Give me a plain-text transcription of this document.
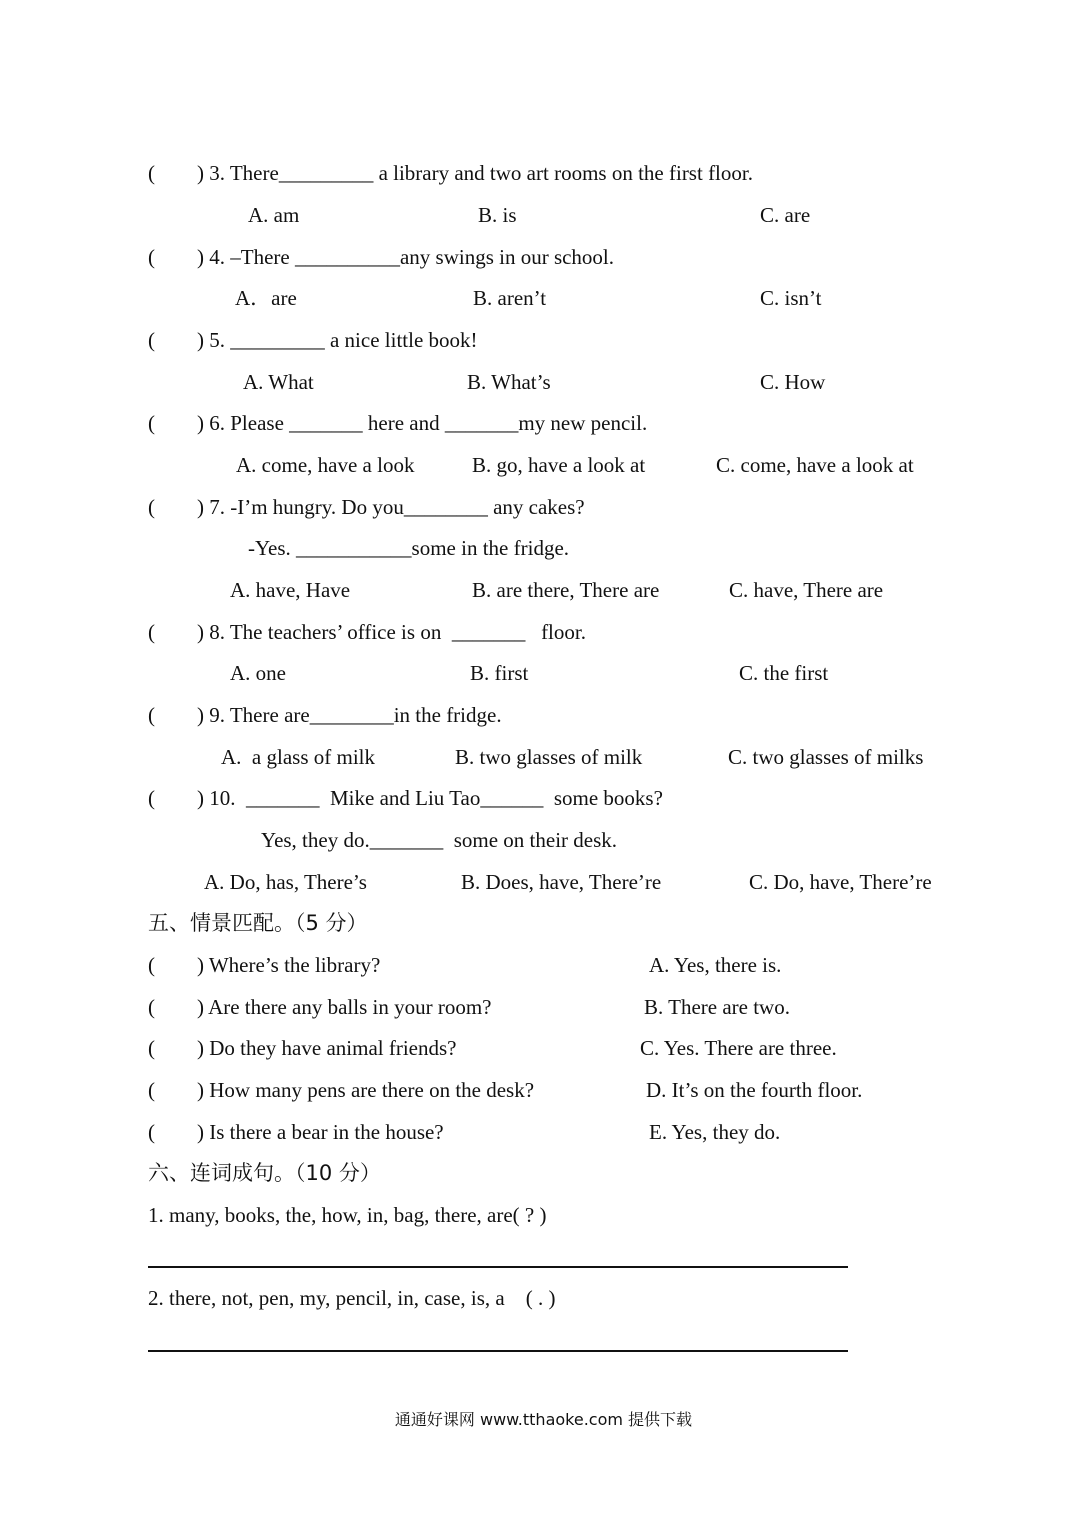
(        ) 3. There_________ a library and two art rooms on the first floor.
A. am	B. is	C. are
(        ) 4. –There __________any swings in our school.
A．are	B. aren’t	C. isn’t
(        ) 5. _________ a nice little book!
A. What	B. What’s	C. How
(        ) 6. Please _______ here and _______my new pencil.
A. come, have a look	B. go, have a look at	C. come, have a look at
(        ) 7. -I’m hungry. Do you________ any cakes?
-Yes. ___________some in the fridge.
A. have, Have	B. are there, There are	C. have, There are
(        ) 8. The teachers’ office is on  _______   floor.
A. one	B. first	C. the first
(        ) 9. There are________in the fridge.
A.  a glass of milk	B. two glasses of milk	C. two glasses of milks
(        ) 10.  _______  Mike and Liu Tao______  some books?
Yes, they do._______  some on their desk.
A. Do, has, There’s	B. Does, have, There’re	C. Do, have, There’re
五、情景匹配。（5 分）
(        ) Where’s the library?	A. Yes, there is.
(        ) Are there any balls in your room?	B. There are two.
(        ) Do they have animal friends?	C. Yes. There are three.
(        ) How many pens are there on the desk?	D. It’s on the fourth floor.
(        ) Is there a bear in the house?	E. Yes, they do.
六、连词成句。（10 分）
1. many, books, the, how, in, bag, there, are( ? )
2. there, not, pen, my, pencil, in, case, is, a    ( . )
通通好课网 www.tthaoke.com 提供下载
